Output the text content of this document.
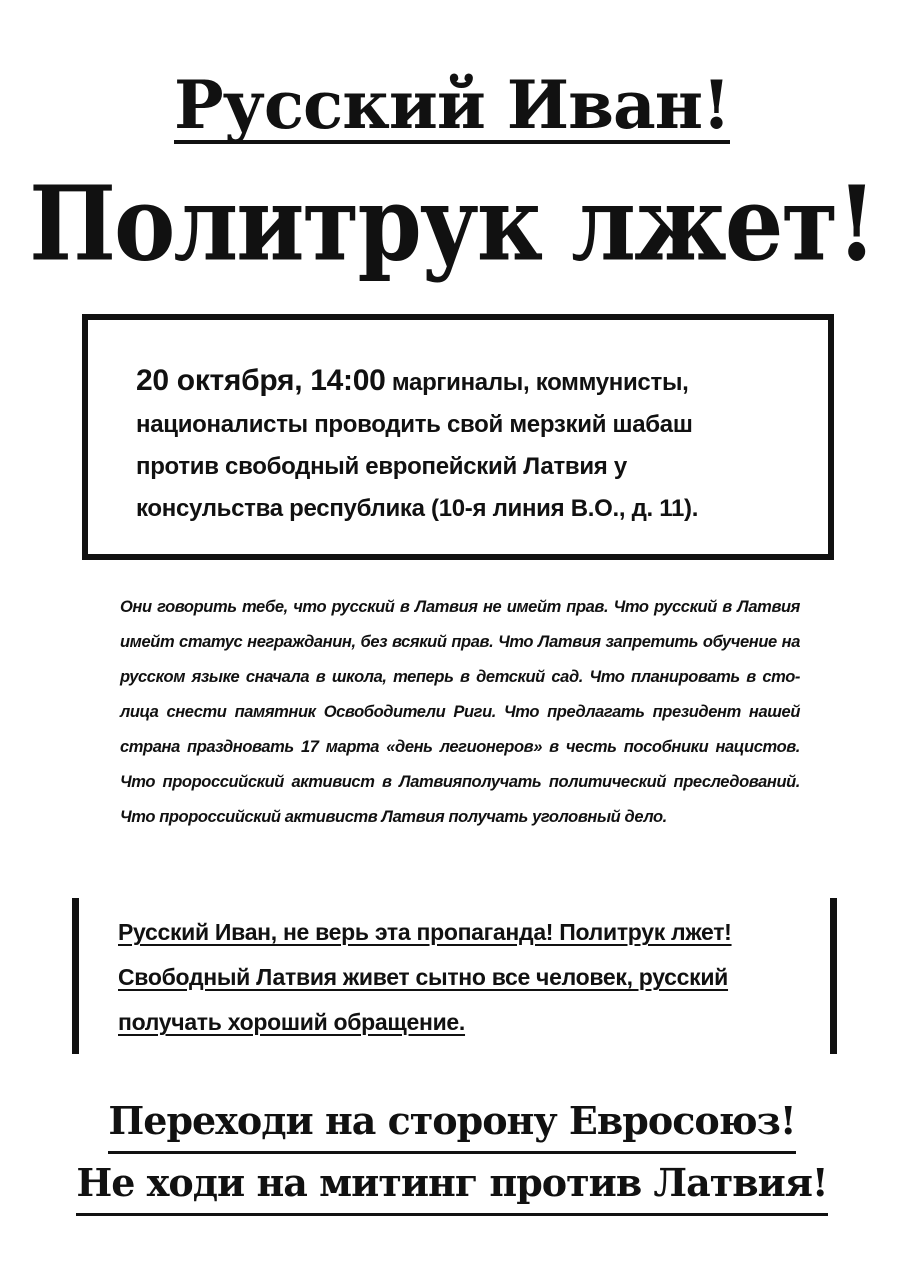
Русский Иван!
Политрук лжет!
20 октября, 14:00 маргиналы, коммунисты, националисты проводить свой мерзкий шабаш против свободный европейский Латвия у консульства республика (10-я линия В.О., д. 11).
Они говорить тебе, что русский в Латвия не имейт прав. Что русский в Латвия имейт статус негражданин, без всякий прав. Что Латвия запретить обучение на русском языке сначала в школа, теперь в детский сад. Что планировать в сто-лица снести памятник Освободители Риги. Что предлагать президент нашей страна праздновать 17 марта «день легионеров» в честь пособники нацистов. Что пророссийский активист в Латвияполучать политический преследований. Что пророссийский активиств Латвия получать уголовный дело.
Русский Иван, не верь эта пропаганда! Политрук лжет! Свободный Латвия живет сытно все человек, русский получать хороший обращение.
Переходи на сторону Евросоюз!
Не ходи на митинг против Латвия!
